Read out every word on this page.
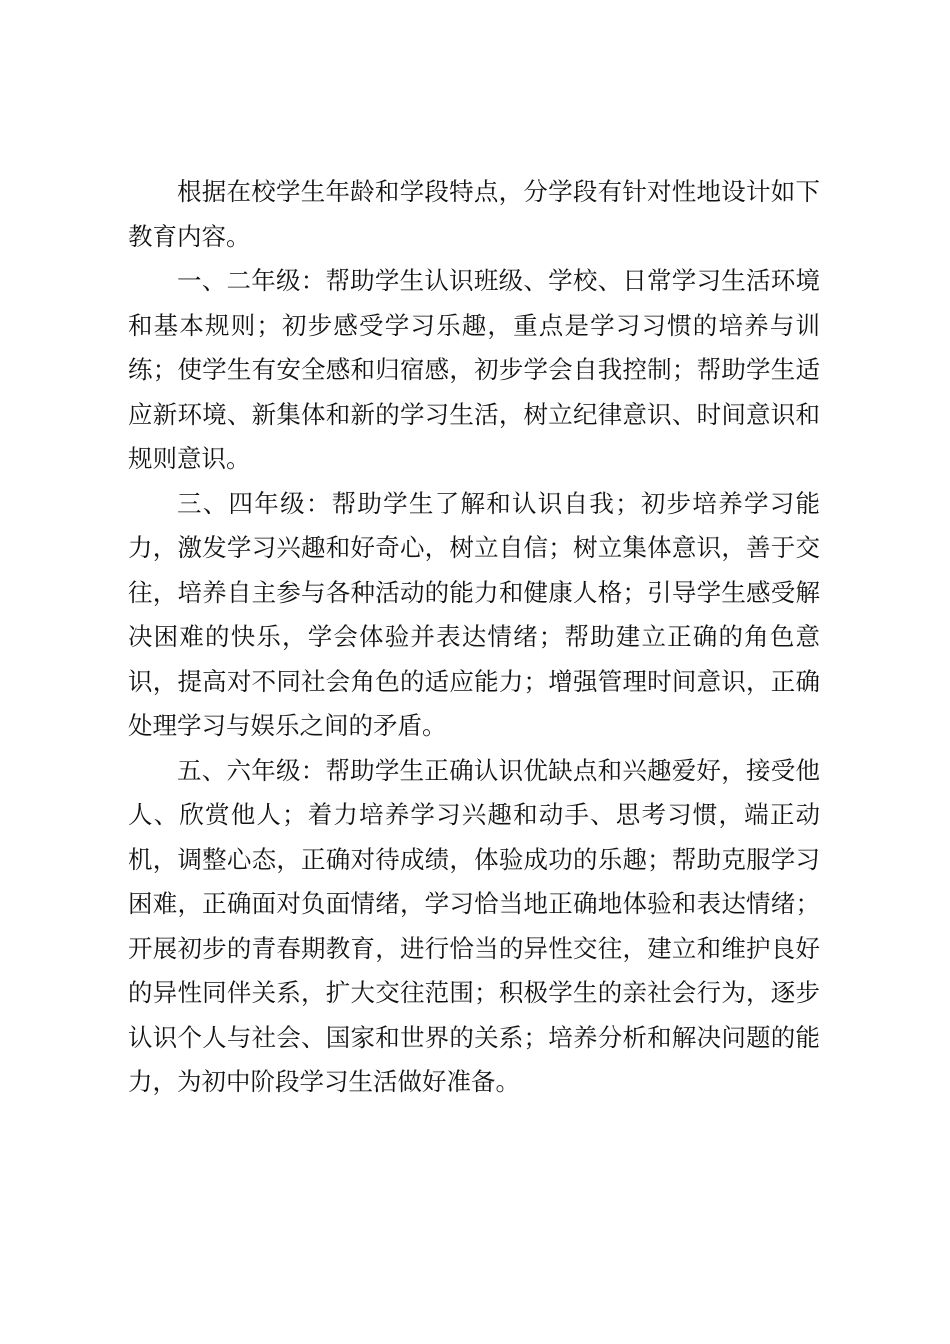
根据在校学生年龄和学段特点，分学段有针对性地设计如下教育内容。

一、二年级：帮助学生认识班级、学校、日常学习生活环境和基本规则；初步感受学习乐趣，重点是学习习惯的培养与训练；使学生有安全感和归宿感，初步学会自我控制；帮助学生适应新环境、新集体和新的学习生活，树立纪律意识、时间意识和规则意识。

三、四年级：帮助学生了解和认识自我；初步培养学习能力，激发学习兴趣和好奇心，树立自信；树立集体意识，善于交往，培养自主参与各种活动的能力和健康人格；引导学生感受解决困难的快乐，学会体验并表达情绪；帮助建立正确的角色意识，提高对不同社会角色的适应能力；增强管理时间意识，正确处理学习与娱乐之间的矛盾。

五、六年级：帮助学生正确认识优缺点和兴趣爱好，接受他人、欣赏他人；着力培养学习兴趣和动手、思考习惯，端正动机，调整心态，正确对待成绩，体验成功的乐趣；帮助克服学习困难，正确面对负面情绪，学习恰当地正确地体验和表达情绪；开展初步的青春期教育，进行恰当的异性交往，建立和维护良好的异性同伴关系，扩大交往范围；积极学生的亲社会行为，逐步认识个人与社会、国家和世界的关系；培养分析和解决问题的能力，为初中阶段学习生活做好准备。
